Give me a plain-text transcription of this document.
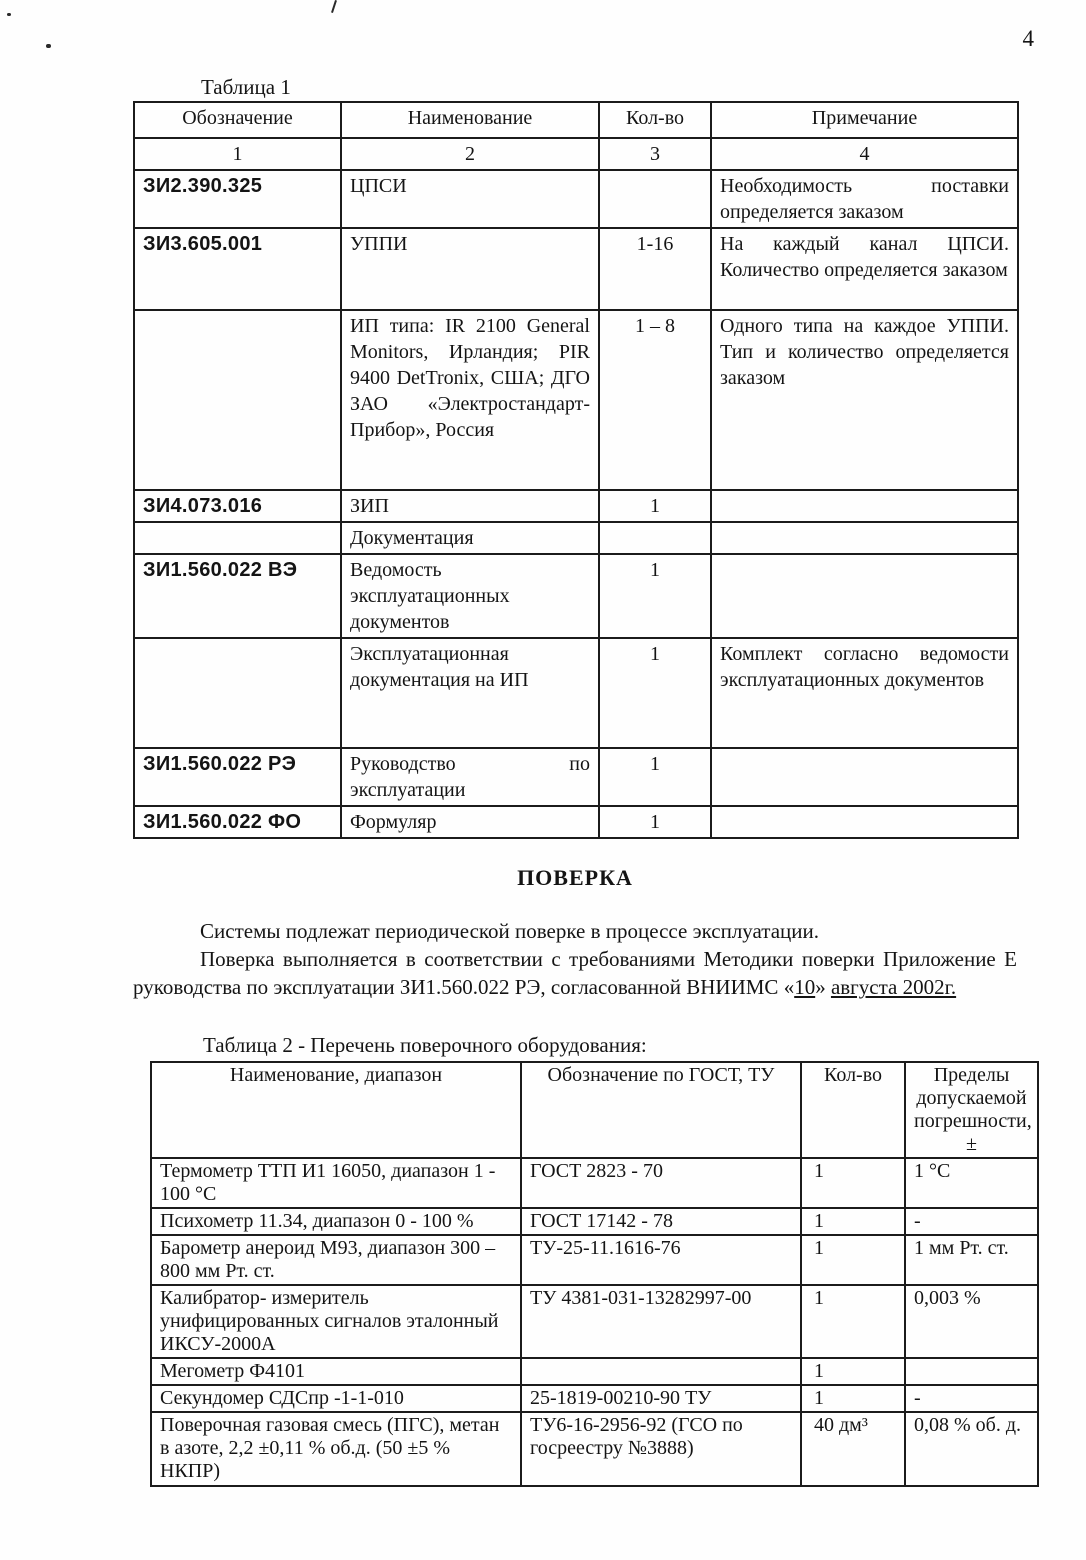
4
Таблица 1
Обозначение	Наименование	Кол-во	Примечание
1	2	3	4
ЗИ2.390.325	ЦПСИ		Необходимость поставки определяется заказом
ЗИ3.605.001	УППИ	1-16	На каждый канал ЦПСИ. Количество определяется заказом
	ИП типа: IR 2100 General Monitors, Ирландия; PIR 9400 DetTronix, США; ДГО ЗАО «Электростандарт-Прибор», Россия	1 – 8	Одного типа на каждое УППИ. Тип и количество определяется заказом
ЗИ4.073.016	ЗИП	1	
	Документация		
ЗИ1.560.022 ВЭ	Ведомость эксплуатационных документов	1	
	Эксплуатационная документация на ИП	1	Комплект согласно ведомости эксплуатационных документов
ЗИ1.560.022 РЭ	Руководство по эксплуатации	1	
ЗИ1.560.022 ФО	Формуляр	1	
ПОВЕРКА

Системы подлежат периодической поверке в процессе эксплуатации.

Поверка выполняется в соответствии с требованиями Методики поверки Приложение Е руководства по эксплуатации ЗИ1.560.022 РЭ, согласованной ВНИИМС «10» августа 2002г.

Таблица 2 - Перечень поверочного оборудования:
Наименование, диапазон	Обозначение по ГОСТ, ТУ	Кол-во	Пределы допускаемой погрешности, ±
Термометр ТТП И1 16050, диапазон 1 - 100 °C	ГОСТ 2823 - 70	1	1 °C
Психометр 11.34, диапазон 0 - 100 %	ГОСТ 17142 - 78	1	-
Барометр анероид М93, диапазон 300 – 800 мм Рт. ст.	ТУ-25-11.1616-76	1	1 мм Рт. ст.
Калибратор- измеритель унифицированных сигналов эталонный ИКСУ-2000А	ТУ 4381-031-13282997-00	1	0,003 %
Мегометр Ф4101		1	
Секундомер СДСпр -1-1-010	25-1819-00210-90 ТУ	1	-
Поверочная газовая смесь (ПГС), метан в азоте, 2,2 ±0,11 % об.д. (50 ±5 % НКПР)	ТУ6-16-2956-92 (ГСО по госреестру №3888)	40 дм³	0,08 % об. д.
